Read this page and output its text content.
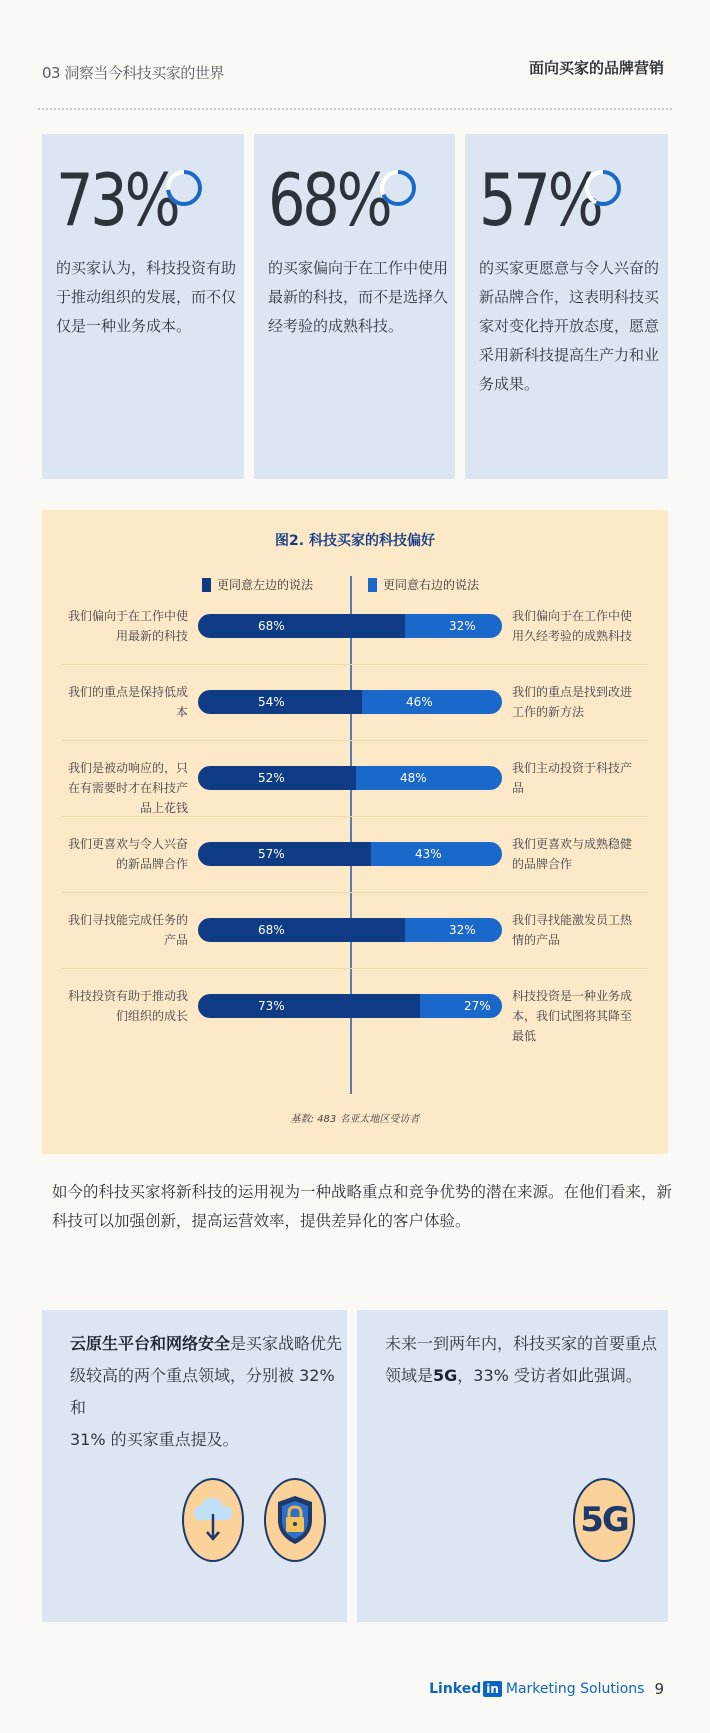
03 洞察当今科技买家的世界	面向买家的品牌营销
73%
的买家认为，科技投资有助于推动组织的发展，而不仅仅是一种业务成本。
68%
的买家偏向于在工作中使用最新的科技，而不是选择久经考验的成熟科技。
57%
的买家更愿意与令人兴奋的新品牌合作，这表明科技买家对变化持开放态度，愿意采用新科技提高生产力和业务成果。
图2. 科技买家的科技偏好
更同意左边的说法	更同意右边的说法
我们偏向于在工作中使用最新的科技
我们偏向于在工作中使用久经考验的成熟科技
68%	32%
我们的重点是保持低成本
我们的重点是找到改进工作的新方法
54%	46%
我们是被动响应的，只在有需要时才在科技产品上花钱
我们主动投资于科技产品
52%	48%
我们更喜欢与令人兴奋的新品牌合作
我们更喜欢与成熟稳健的品牌合作
57%	43%
我们寻找能完成任务的产品
我们寻找能激发员工热情的产品
68%	32%
科技投资有助于推动我们组织的成长
科技投资是一种业务成本，我们试图将其降至最低
73%	27%
基数: 483 名亚太地区受访者
如今的科技买家将新科技的运用视为一种战略重点和竞争优势的潜在来源。在他们看来，新科技可以加强创新，提高运营效率，提供差异化的客户体验。
云原生平台和网络安全是买家战略优先
级较高的两个重点领域，分别被 32% 和
31% 的买家重点提及。
未来一到两年内，科技买家的首要重点
领域是5G，33% 受访者如此强调。
5G
Linked in Marketing Solutions 9
